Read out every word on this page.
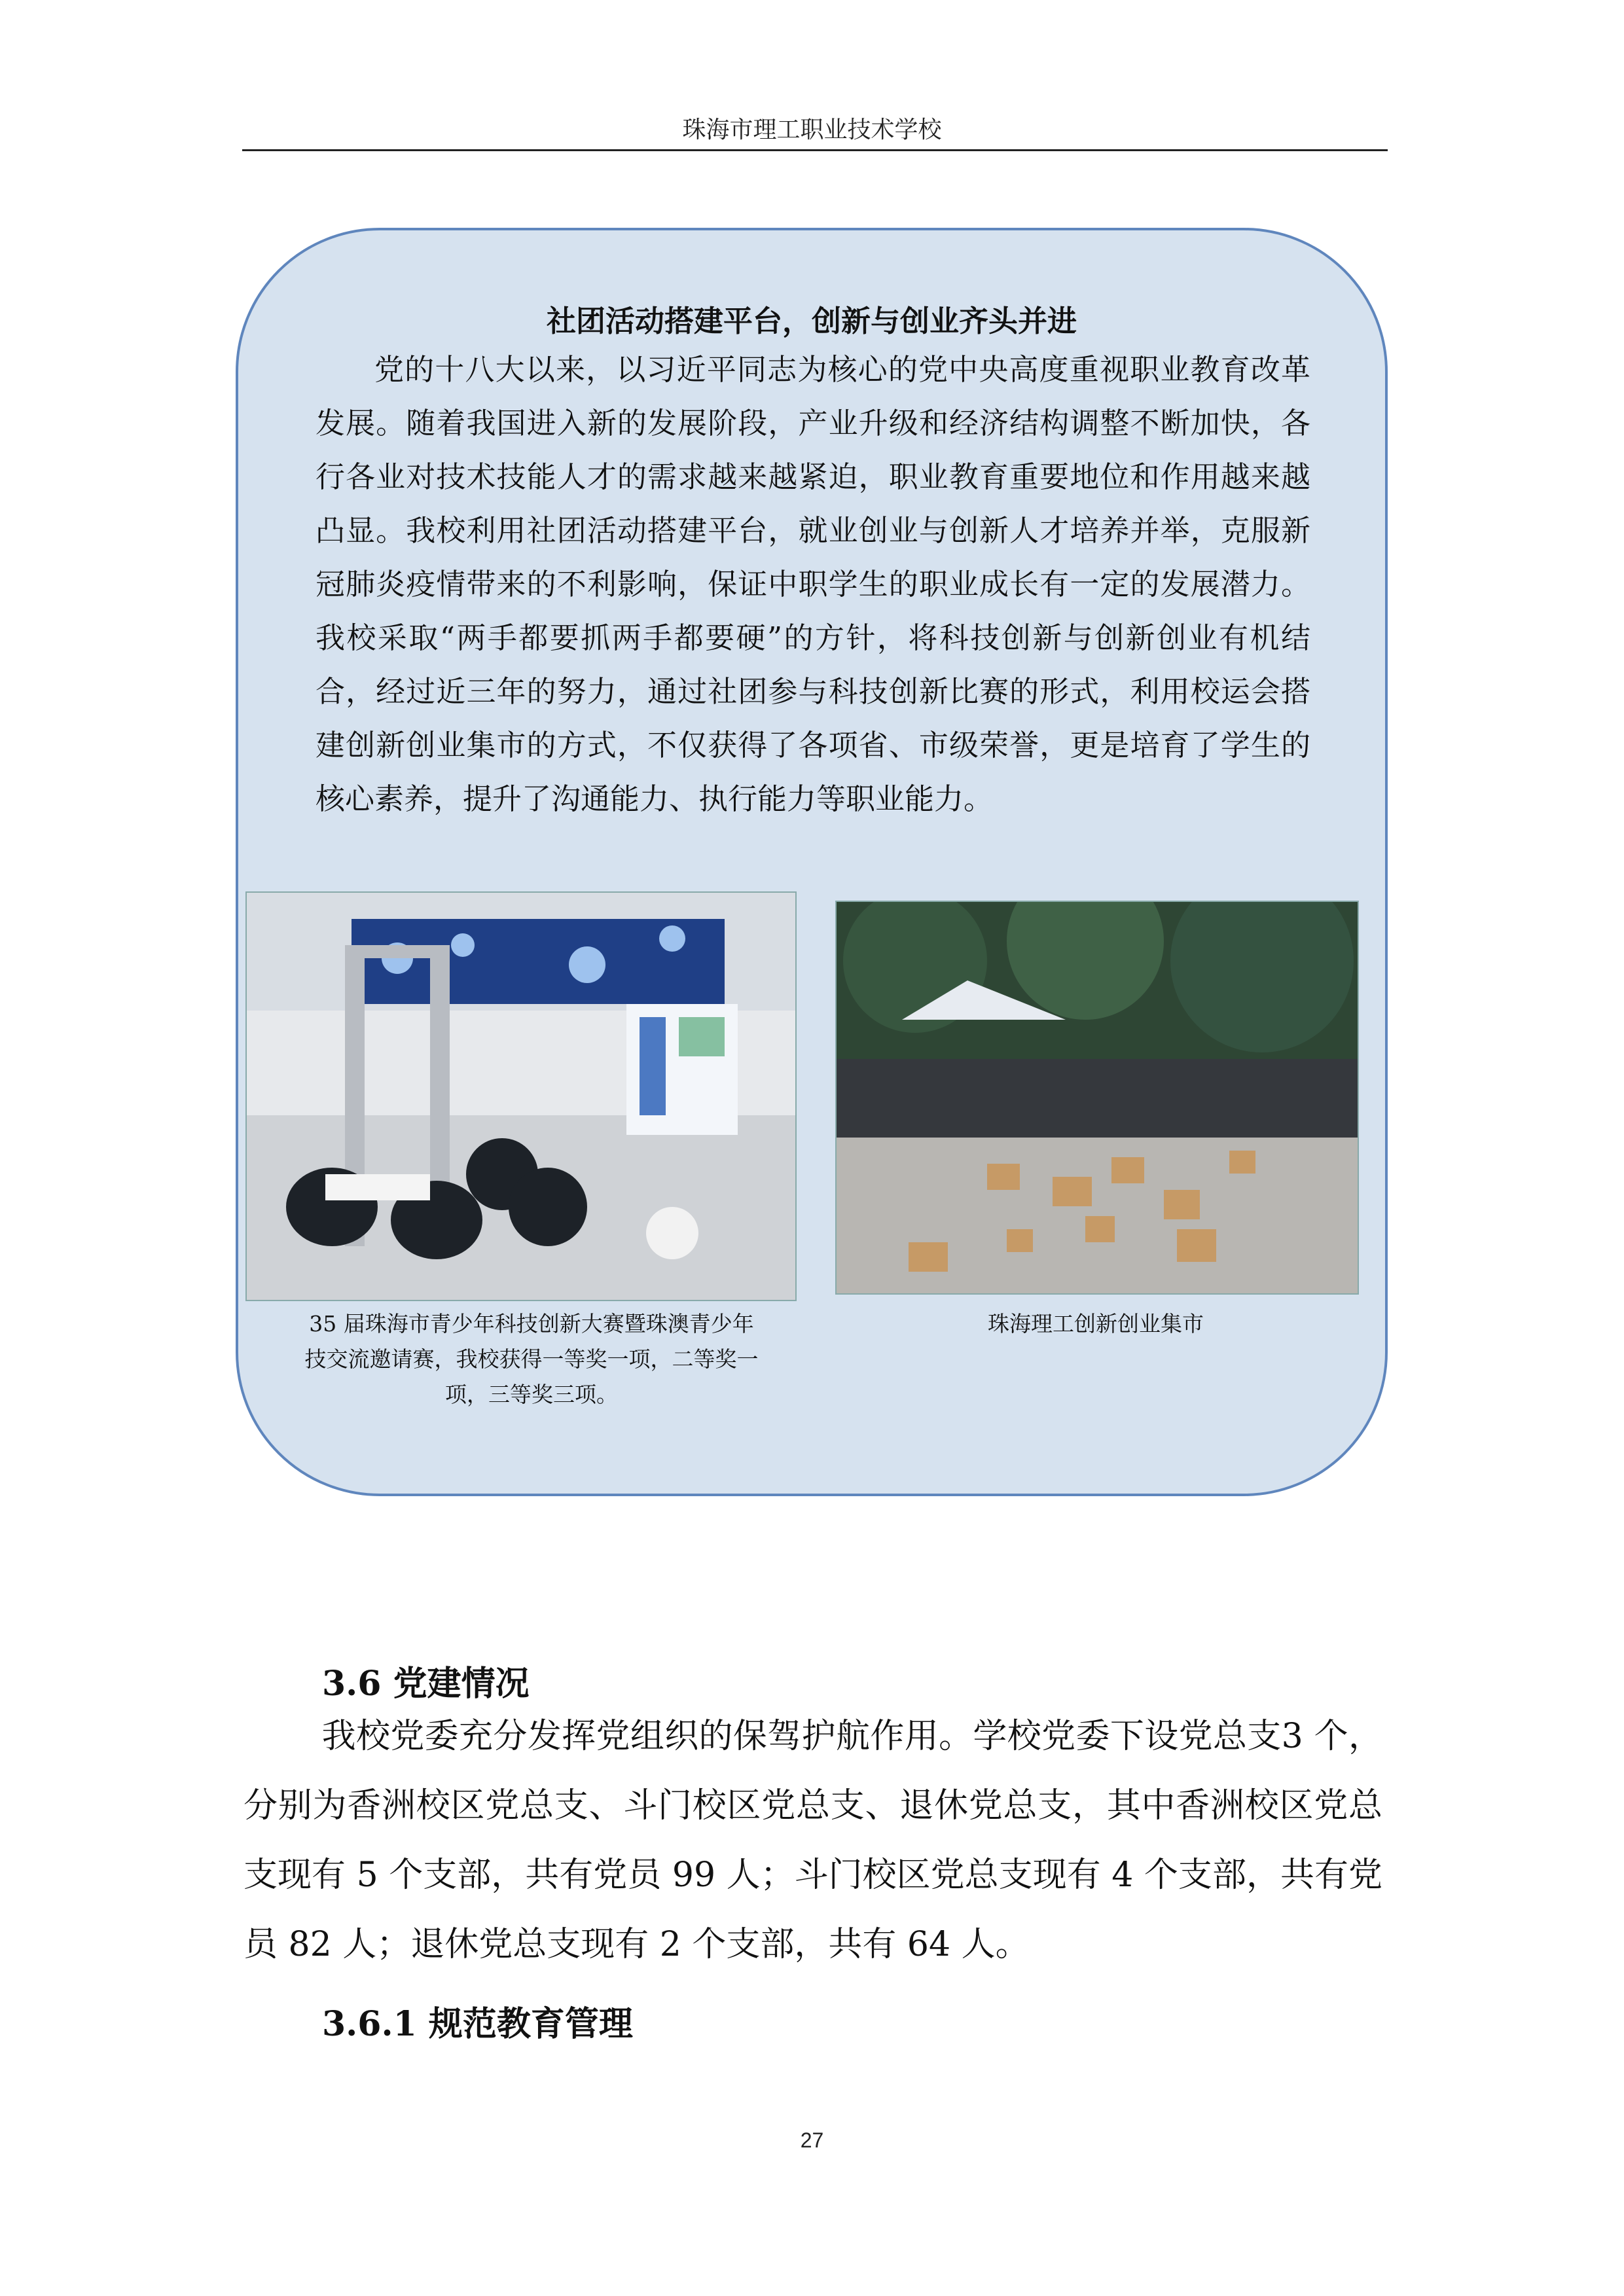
珠海市理工职业技术学校
社团活动搭建平台，创新与创业齐头并进
党的十八大以来，以习近平同志为核心的党中央高度重视职业教育改革发展。随着我国进入新的发展阶段，产业升级和经济结构调整不断加快，各行各业对技术技能人才的需求越来越紧迫，职业教育重要地位和作用越来越凸显。我校利用社团活动搭建平台，就业创业与创新人才培养并举，克服新冠肺炎疫情带来的不利影响，保证中职学生的职业成长有一定的发展潜力。我校采取“两手都要抓两手都要硬”的方针，将科技创新与创新创业有机结合，经过近三年的努力，通过社团参与科技创新比赛的形式，利用校运会搭建创新创业集市的方式，不仅获得了各项省、市级荣誉，更是培育了学生的核心素养，提升了沟通能力、执行能力等职业能力。
35 届珠海市青少年科技创新大赛暨珠澳青少年
技交流邀请赛，我校获得一等奖一项，二等奖一
项，三等奖三项。
珠海理工创新创业集市
3.6 党建情况
我校党委充分发挥党组织的保驾护航作用。学校党委下设党总支3 个，分别为香洲校区党总支、斗门校区党总支、退休党总支，其中香洲校区党总支现有 5 个支部，共有党员 99 人；斗门校区党总支现有 4 个支部，共有党员 82 人；退休党总支现有 2 个支部，共有 64 人。
3.6.1 规范教育管理
27
